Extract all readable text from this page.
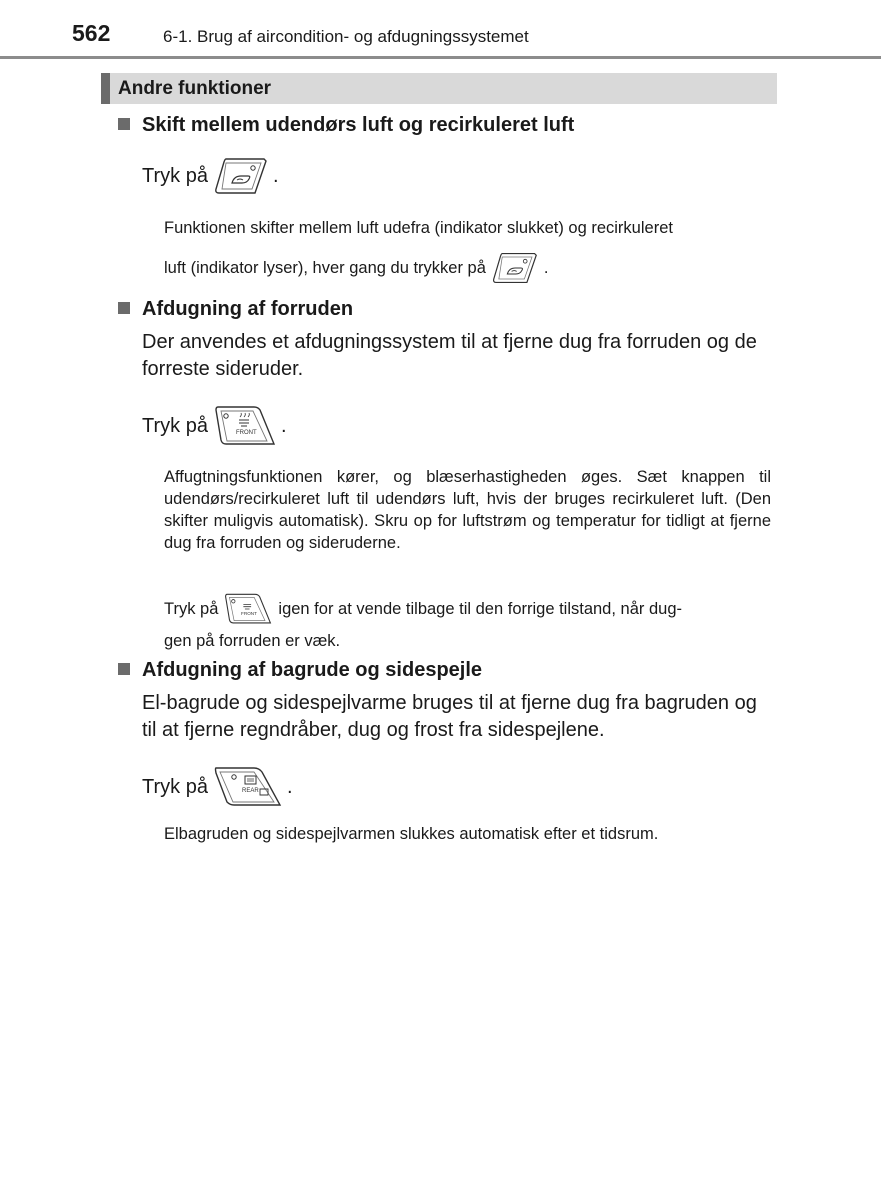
562	6-1. Brug af aircondition- og afdugningssystemet
Andre funktioner
Skift mellem udendørs luft og recirkuleret luft
Tryk på	.
Funktionen skifter mellem luft udefra (indikator slukket) og recirkuleret
luft (indikator lyser), hver gang du trykker på	.
Afdugning af forruden
Der anvendes et afdugningssystem til at fjerne dug fra forruden og de forreste sideruder.
Tryk på	FRONT .
Affugtningsfunktionen kører, og blæserhastigheden øges. Sæt knappen til udendørs/recirkuleret luft til udendørs luft, hvis der bruges recirkuleret luft. (Den skifter muligvis automatisk). Skru op for luftstrøm og temperatur for tidligt at fjerne dug fra forruden og sideruderne.
Tryk på	FRONT igen for at vende tilbage til den forrige tilstand, når dug-
gen på forruden er væk.
Afdugning af bagrude og sidespejle
El-bagrude og sidespejlvarme bruges til at fjerne dug fra bagruden og til at fjerne regndråber, dug og frost fra sidespejlene.
Tryk på	REAR .
Elbagruden og sidespejlvarmen slukkes automatisk efter et tidsrum.
